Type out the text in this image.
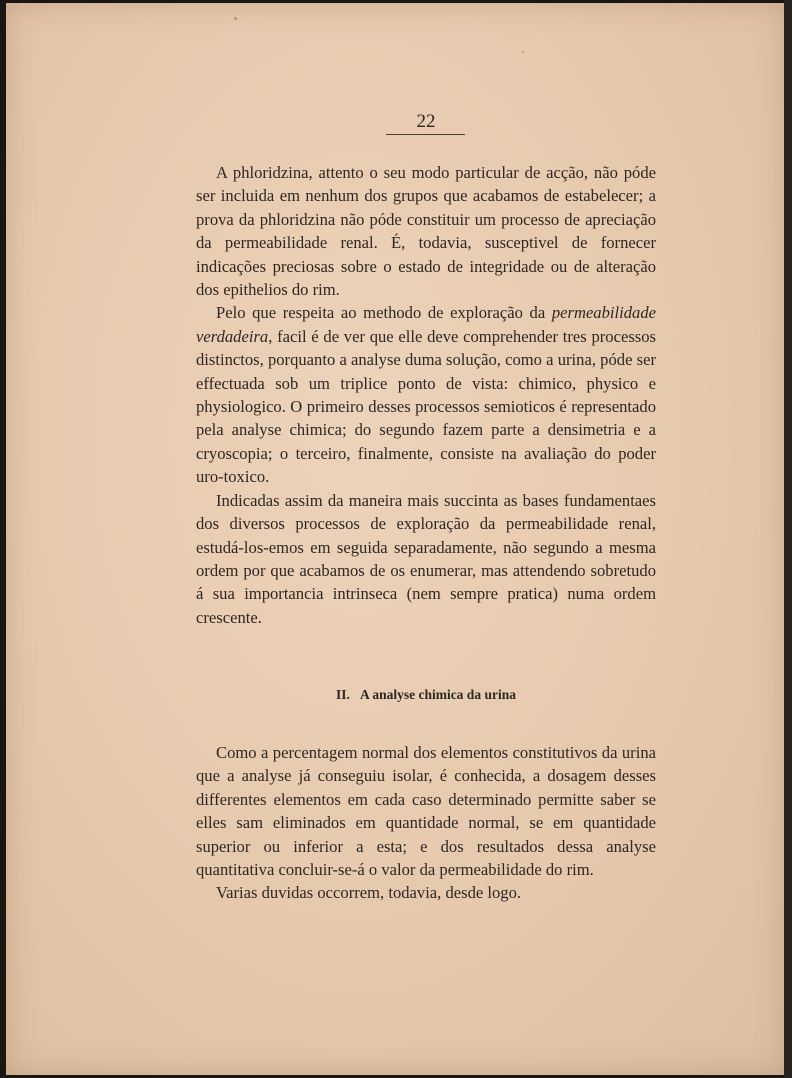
22

A phloridzina, attento o seu modo particular de acção, não póde ser incluida em nenhum dos grupos que acabamos de estabelecer; a prova da phloridzina não póde constituir um processo de apreciação da permeabilidade renal. É, todavia, susceptivel de fornecer indicações preciosas sobre o estado de integridade ou de alteração dos epithelios do rim.

Pelo que respeita ao methodo de exploração da permeabilidade verdadeira, facil é de ver que elle deve comprehender tres processos distinctos, porquanto a analyse duma solução, como a urina, póde ser effectuada sob um triplice ponto de vista: chimico, physico e physiologico. O primeiro desses processos semioticos é representado pela analyse chimica; do segundo fazem parte a densimetria e a cryoscopia; o terceiro, finalmente, consiste na avaliação do poder uro-toxico.

Indicadas assim da maneira mais succinta as bases fundamentaes dos diversos processos de exploração da permeabilidade renal, estudá-los-emos em seguida separadamente, não segundo a mesma ordem por que acabamos de os enumerar, mas attendendo sobretudo á sua importancia intrinseca (nem sempre pratica) numa ordem crescente.

II. A analyse chimica da urina

Como a percentagem normal dos elementos constitutivos da urina que a analyse já conseguiu isolar, é conhecida, a dosagem desses differentes elementos em cada caso determinado permitte saber se elles sam eliminados em quantidade normal, se em quantidade superior ou inferior a esta; e dos resultados dessa analyse quantitativa concluir-se-á o valor da permeabilidade do rim.

Varias duvidas occorrem, todavia, desde logo.
